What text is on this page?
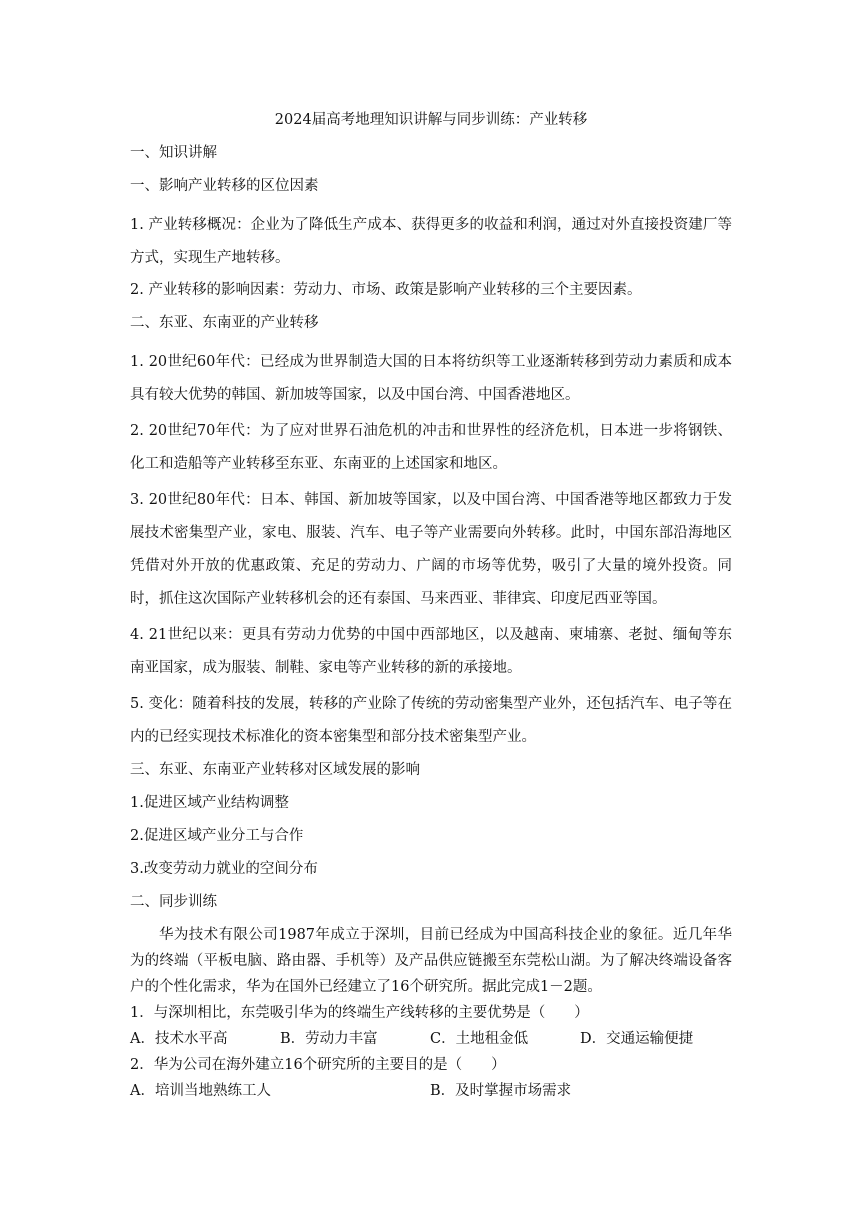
2024届高考地理知识讲解与同步训练：产业转移
一、知识讲解
一、影响产业转移的区位因素
1. 产业转移概况：企业为了降低生产成本、获得更多的收益和利润，通过对外直接投资建厂等方式，实现生产地转移。
2. 产业转移的影响因素：劳动力、市场、政策是影响产业转移的三个主要因素。
二、东亚、东南亚的产业转移
1. 20世纪60年代：已经成为世界制造大国的日本将纺织等工业逐渐转移到劳动力素质和成本具有较大优势的韩国、新加坡等国家，以及中国台湾、中国香港地区。
2. 20世纪70年代：为了应对世界石油危机的冲击和世界性的经济危机，日本进一步将钢铁、化工和造船等产业转移至东亚、东南亚的上述国家和地区。
3. 20世纪80年代：日本、韩国、新加坡等国家，以及中国台湾、中国香港等地区都致力于发展技术密集型产业，家电、服装、汽车、电子等产业需要向外转移。此时，中国东部沿海地区凭借对外开放的优惠政策、充足的劳动力、广阔的市场等优势，吸引了大量的境外投资。同时，抓住这次国际产业转移机会的还有泰国、马来西亚、菲律宾、印度尼西亚等国。
4. 21世纪以来：更具有劳动力优势的中国中西部地区，以及越南、柬埔寨、老挝、缅甸等东南亚国家，成为服装、制鞋、家电等产业转移的新的承接地。
5. 变化：随着科技的发展，转移的产业除了传统的劳动密集型产业外，还包括汽车、电子等在内的已经实现技术标准化的资本密集型和部分技术密集型产业。
三、东亚、东南亚产业转移对区域发展的影响
1.促进区域产业结构调整
2.促进区域产业分工与合作
3.改变劳动力就业的空间分布
二、同步训练
华为技术有限公司1987年成立于深圳，目前已经成为中国高科技企业的象征。近几年华为的终端（平板电脑、路由器、手机等）及产品供应链搬至东莞松山湖。为了解决终端设备客户的个性化需求，华为在国外已经建立了16个研究所。据此完成1－2题。
1．与深圳相比，东莞吸引华为的终端生产线转移的主要优势是（　　）
A．技术水平高	B．劳动力丰富	C．土地租金低	D．交通运输便捷
2．华为公司在海外建立16个研究所的主要目的是（　　）
A．培训当地熟练工人	B．及时掌握市场需求
